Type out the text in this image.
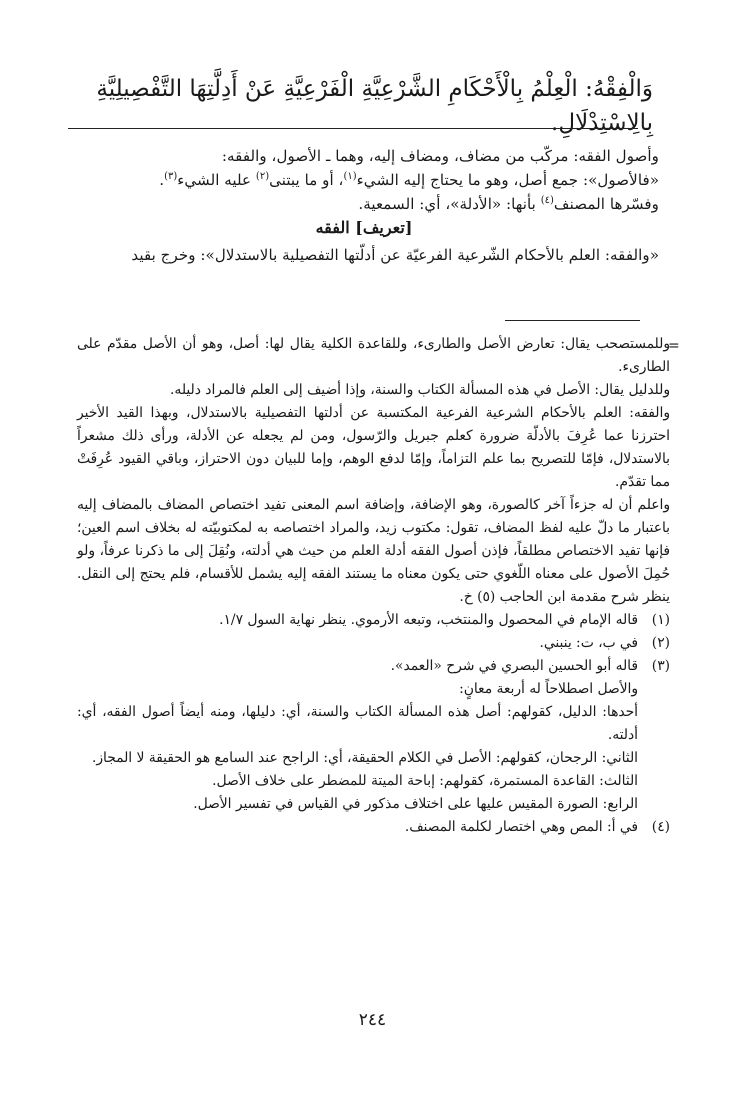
وَالْفِقْهُ: الْعِلْمُ بِالْأَحْكَامِ الشَّرْعِيَّةِ الْفَرْعِيَّةِ عَنْ أَدِلَّتِهَا التَّفْصِيلِيَّةِ بِالِاسْتِدْلَالِ.

وأصول الفقه: مركّب من مضاف، ومضاف إليه، وهما ـ الأصول، والفقه:

«فالأصول»: جمع أصل، وهو ما يحتاج إليه الشيء$^{(١)}$، أو ما يبتنى$^{(٢)}$ عليه الشيء$^{(٣)}$.

وفسّرها المصنف$^{(٤)}$ بأنها: «الأدلة»، أي: السمعية.

[تعريف] الفقه

«والفقه: العلم بالأحكام الشّرعية الفرعيّة عن أدلّتها التفصيلية بالاستدلال»: وخرج بقيد

=

وللمستصحب يقال: تعارض الأصل والطارىء، وللقاعدة الكلية يقال لها: أصل، وهو أن الأصل مقدّم على الطارىء.

وللدليل يقال: الأصل في هذه المسألة الكتاب والسنة، وإذا أضيف إلى العلم فالمراد دليله.

والفقه: العلم بالأحكام الشرعية الفرعية المكتسبة عن أدلتها التفصيلية بالاستدلال، وبهذا القيد الأخير احترزنا عما عُرِفَ بالأدلّة ضرورة كعلم جبريل والرّسول، ومن لم يجعله عن الأدلة، ورأى ذلك مشعراً بالاستدلال، فإمّا للتصريح بما علم التزاماً، وإمّا لدفع الوهم، وإما للبيان دون الاحتراز، وباقي القيود عُرِفَتْ مما تقدّم.

واعلم أن له جزءاً آخر كالصورة، وهو الإضافة، وإضافة اسم المعنى تفيد اختصاص المضاف بالمضاف إليه باعتبار ما دلّ عليه لفظ المضاف، تقول: مكتوب زيد، والمراد اختصاصه به لمكتوبيّته له بخلاف اسم العين؛ فإنها تفيد الاختصاص مطلقاً، فإذن أصول الفقه أدلة العلم من حيث هي أدلته، ونُقِلَ إلى ما ذكرنا عرفاً، ولو حُمِلَ الأصول على معناه اللّغوي حتى يكون معناه ما يستند الفقه إليه يشمل للأقسام، فلم يحتج إلى النقل. ينظر شرح مقدمة ابن الحاجب (٥) خ.

(١)

قاله الإمام في المحصول والمنتخب، وتبعه الأرموي. ينظر نهاية السول ١/٧.

(٢)

في ب، ت: ينبني.

(٣)

قاله أبو الحسين البصري في شرح «العمد».

والأصل اصطلاحاً له أربعة معانٍ:

أحدها: الدليل، كقولهم: أصل هذه المسألة الكتاب والسنة، أي: دليلها، ومنه أيضاً أصول الفقه، أي: أدلته.

الثاني: الرجحان، كقولهم: الأصل في الكلام الحقيقة، أي: الراجح عند السامع هو الحقيقة لا المجاز.

الثالث: القاعدة المستمرة، كقولهم: إباحة الميتة للمضطر على خلاف الأصل.

الرابع: الصورة المقيس عليها على اختلاف مذكور في القياس في تفسير الأصل.

(٤)

في أ: المص وهي اختصار لكلمة المصنف.

٢٤٤
